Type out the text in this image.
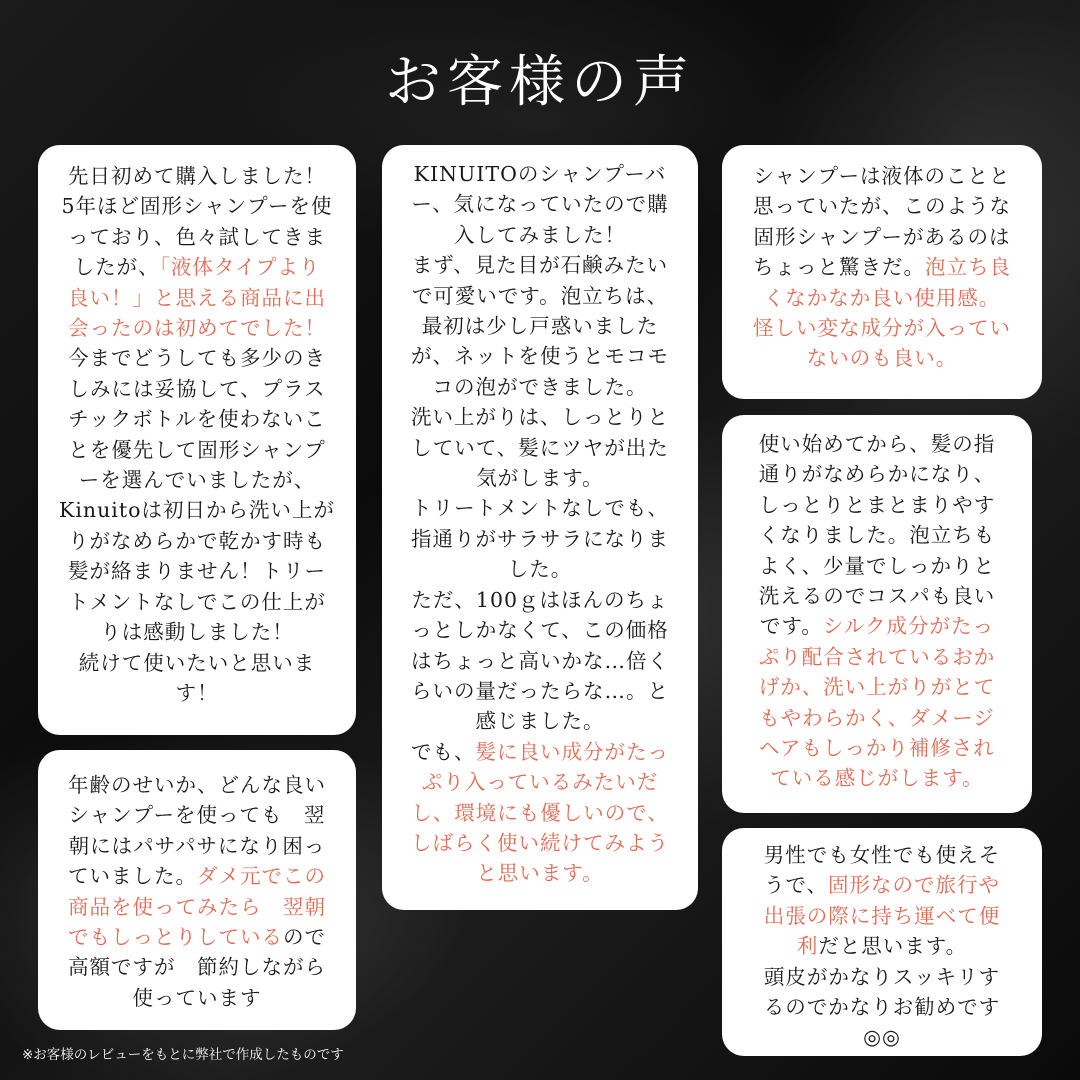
お客様の声
先日初めて購入しました！
5年ほど固形シャンプーを使
っており、色々試してきま
したが、「液体タイプより
良い！」と思える商品に出
会ったのは初めてでした！
今までどうしても多少のき
しみには妥協して、プラス
チックボトルを使わないこ
とを優先して固形シャンプ
ーを選んでいましたが、
Kinuitoは初日から洗い上が
りがなめらかで乾かす時も
髪が絡まりません！トリー
トメントなしでこの仕上が
りは感動しました！
続けて使いたいと思いま
す！
年齢のせいか、どんな良い
シャンプーを使っても　翌
朝にはパサパサになり困っ
ていました。ダメ元でこの
商品を使ってみたら　翌朝
でもしっとりしているので
高額ですが　節約しながら
使っています
KINUITOのシャンプーバ
ー、気になっていたので購
入してみました！
まず、見た目が石鹸みたい
で可愛いです。泡立ちは、
最初は少し戸惑いました
が、ネットを使うとモコモ
コの泡ができました。
洗い上がりは、しっとりと
していて、髪にツヤが出た
気がします。
トリートメントなしでも、
指通りがサラサラになりま
した。
ただ、100ｇはほんのちょ
っとしかなくて、この価格
はちょっと高いかな…倍く
らいの量だったらな…。と
感じました。
でも、髪に良い成分がたっ
ぷり入っているみたいだ
し、環境にも優しいので、
しばらく使い続けてみよう
と思います。
シャンプーは液体のことと
思っていたが、このような
固形シャンプーがあるのは
ちょっと驚きだ。泡立ち良
くなかなか良い使用感。
怪しい変な成分が入ってい
ないのも良い。
使い始めてから、髪の指
通りがなめらかになり、
しっとりとまとまりやす
くなりました。泡立ちも
よく、少量でしっかりと
洗えるのでコスパも良い
です。シルク成分がたっ
ぷり配合されているおか
げか、洗い上がりがとて
もやわらかく、ダメージ
ヘアもしっかり補修され
ている感じがします。
男性でも女性でも使えそ
うで、固形なので旅行や
出張の際に持ち運べて便
利だと思います。
頭皮がかなりスッキリす
るのでかなりお勧めです
◎◎
※お客様のレビューをもとに弊社で作成したものです
